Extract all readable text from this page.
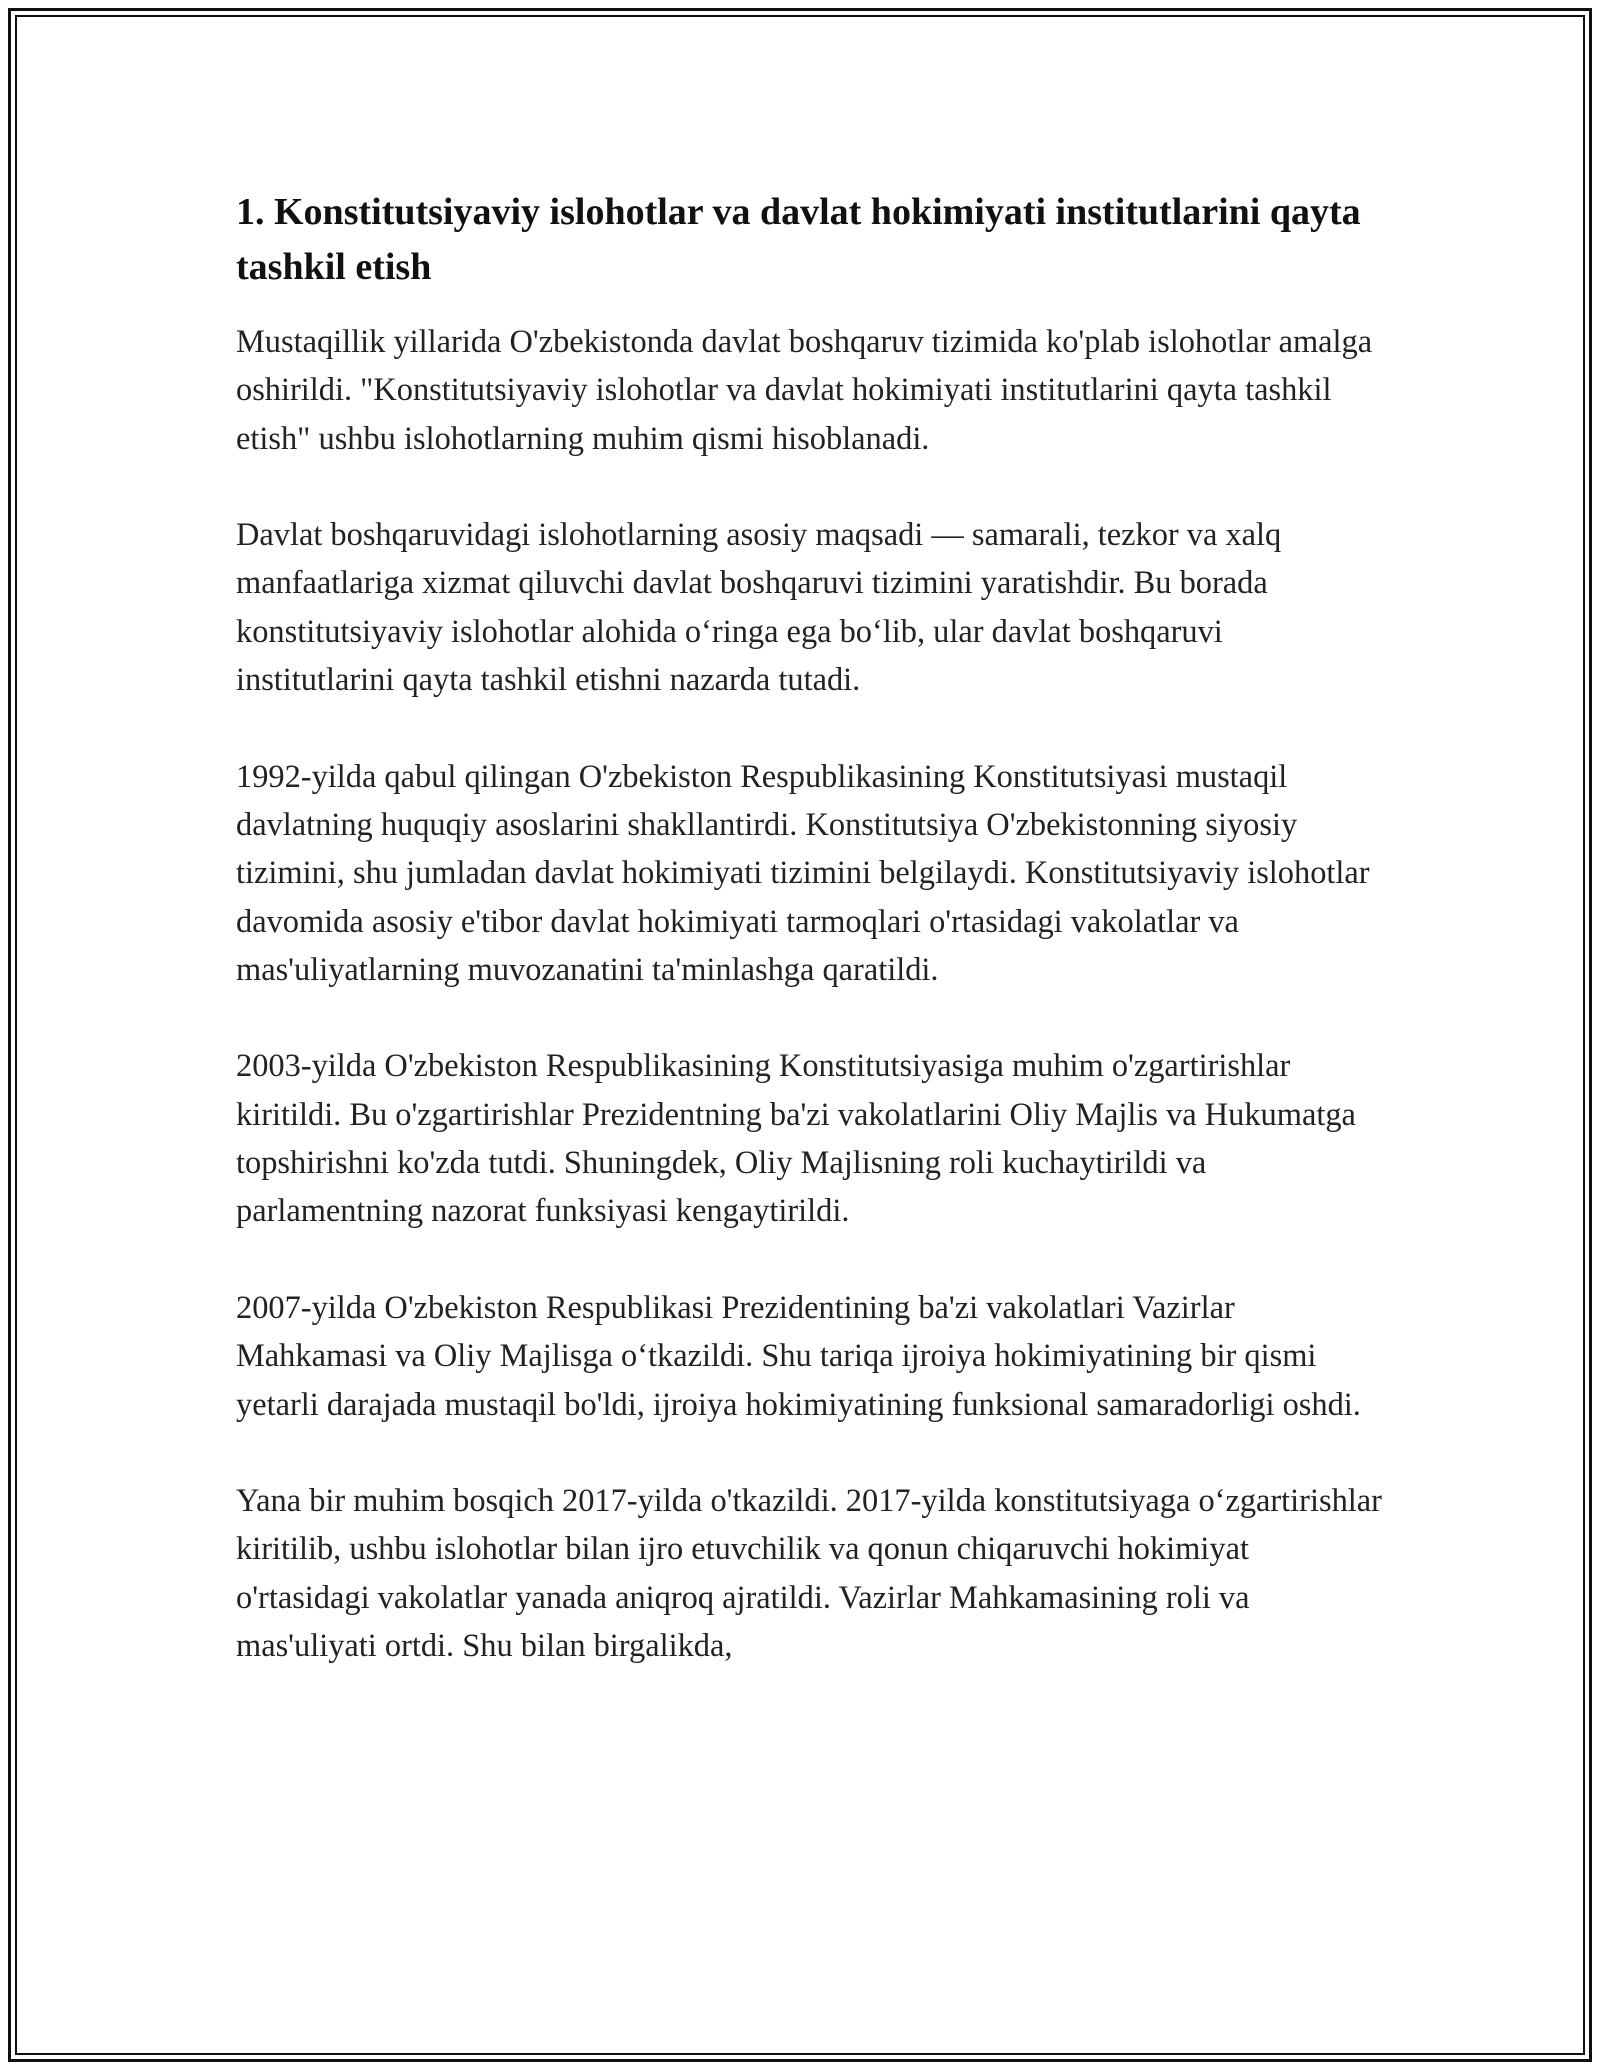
1. Konstitutsiyaviy islohotlar va davlat hokimiyati institutlarini qayta tashkil etish

Mustaqillik yillarida O'zbekistonda davlat boshqaruv tizimida ko'plab islohotlar amalga oshirildi. "Konstitutsiyaviy islohotlar va davlat hokimiyati institutlarini qayta tashkil etish" ushbu islohotlarning muhim qismi hisoblanadi.

Davlat boshqaruvidagi islohotlarning asosiy maqsadi — samarali, tezkor va xalq manfaatlariga xizmat qiluvchi davlat boshqaruvi tizimini yaratishdir. Bu borada konstitutsiyaviy islohotlar alohida o‘ringa ega bo‘lib, ular davlat boshqaruvi institutlarini qayta tashkil etishni nazarda tutadi.

1992-yilda qabul qilingan O'zbekiston Respublikasining Konstitutsiyasi mustaqil davlatning huquqiy asoslarini shakllantirdi. Konstitutsiya O'zbekistonning siyosiy tizimini, shu jumladan davlat hokimiyati tizimini belgilaydi. Konstitutsiyaviy islohotlar davomida asosiy e'tibor davlat hokimiyati tarmoqlari o'rtasidagi vakolatlar va mas'uliyatlarning muvozanatini ta'minlashga qaratildi.

2003-yilda O'zbekiston Respublikasining Konstitutsiyasiga muhim o'zgartirishlar kiritildi. Bu o'zgartirishlar Prezidentning ba'zi vakolatlarini Oliy Majlis va Hukumatga topshirishni ko'zda tutdi. Shuningdek, Oliy Majlisning roli kuchaytirildi va parlamentning nazorat funksiyasi kengaytirildi.

2007-yilda O'zbekiston Respublikasi Prezidentining ba'zi vakolatlari Vazirlar Mahkamasi va Oliy Majlisga o‘tkazildi. Shu tariqa ijroiya hokimiyatining bir qismi yetarli darajada mustaqil bo'ldi, ijroiya hokimiyatining funksional samaradorligi oshdi.

Yana bir muhim bosqich 2017-yilda o'tkazildi. 2017-yilda konstitutsiyaga o‘zgartirishlar kiritilib, ushbu islohotlar bilan ijro etuvchilik va qonun chiqaruvchi hokimiyat o'rtasidagi vakolatlar yanada aniqroq ajratildi. Vazirlar Mahkamasining roli va mas'uliyati ortdi. Shu bilan birgalikda,
